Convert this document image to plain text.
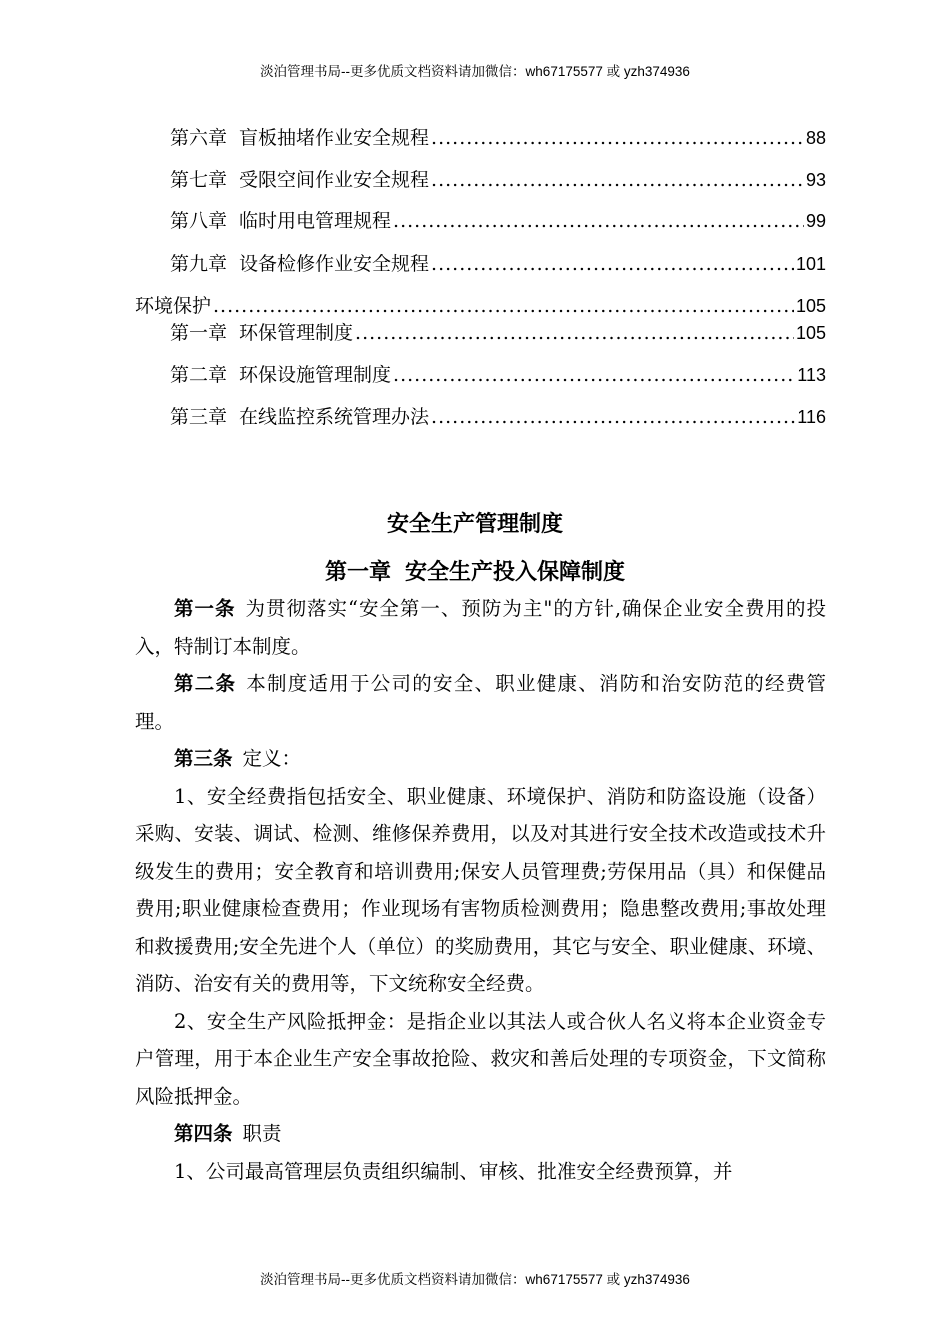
淡泊管理书局--更多优质文档资料请加微信：wh67175577 或 yzh374936
第六章 盲板抽堵作业安全规程 .....	88
第七章 受限空间作业安全规程 .....	93
第八章 临时用电管理规程 .....	99
第九章 设备检修作业安全规程 .....	101
环境保护 .....	105
第一章 环保管理制度 .....	105
第二章 环保设施管理制度 .....	113
第三章 在线监控系统管理办法 .....	116
安全生产管理制度
第一章 安全生产投入保障制度

第一条 为贯彻落实“安全第一、预防为主"的方针,确保企业安全费用的投入，特制订本制度。

第二条 本制度适用于公司的安全、职业健康、消防和治安防范的经费管理。

第三条 定义：

1、安全经费指包括安全、职业健康、环境保护、消防和防盗设施（设备）采购、安装、调试、检测、维修保养费用，以及对其进行安全技术改造或技术升级发生的费用；安全教育和培训费用;保安人员管理费;劳保用品（具）和保健品费用;职业健康检查费用；作业现场有害物质检测费用；隐患整改费用;事故处理和救援费用;安全先进个人（单位）的奖励费用，其它与安全、职业健康、环境、消防、治安有关的费用等，下文统称安全经费。

2、安全生产风险抵押金：是指企业以其法人或合伙人名义将本企业资金专户管理，用于本企业生产安全事故抢险、救灾和善后处理的专项资金，下文简称风险抵押金。

第四条 职责

1、公司最高管理层负责组织编制、审核、批准安全经费预算，并

淡泊管理书局--更多优质文档资料请加微信：wh67175577 或 yzh374936
